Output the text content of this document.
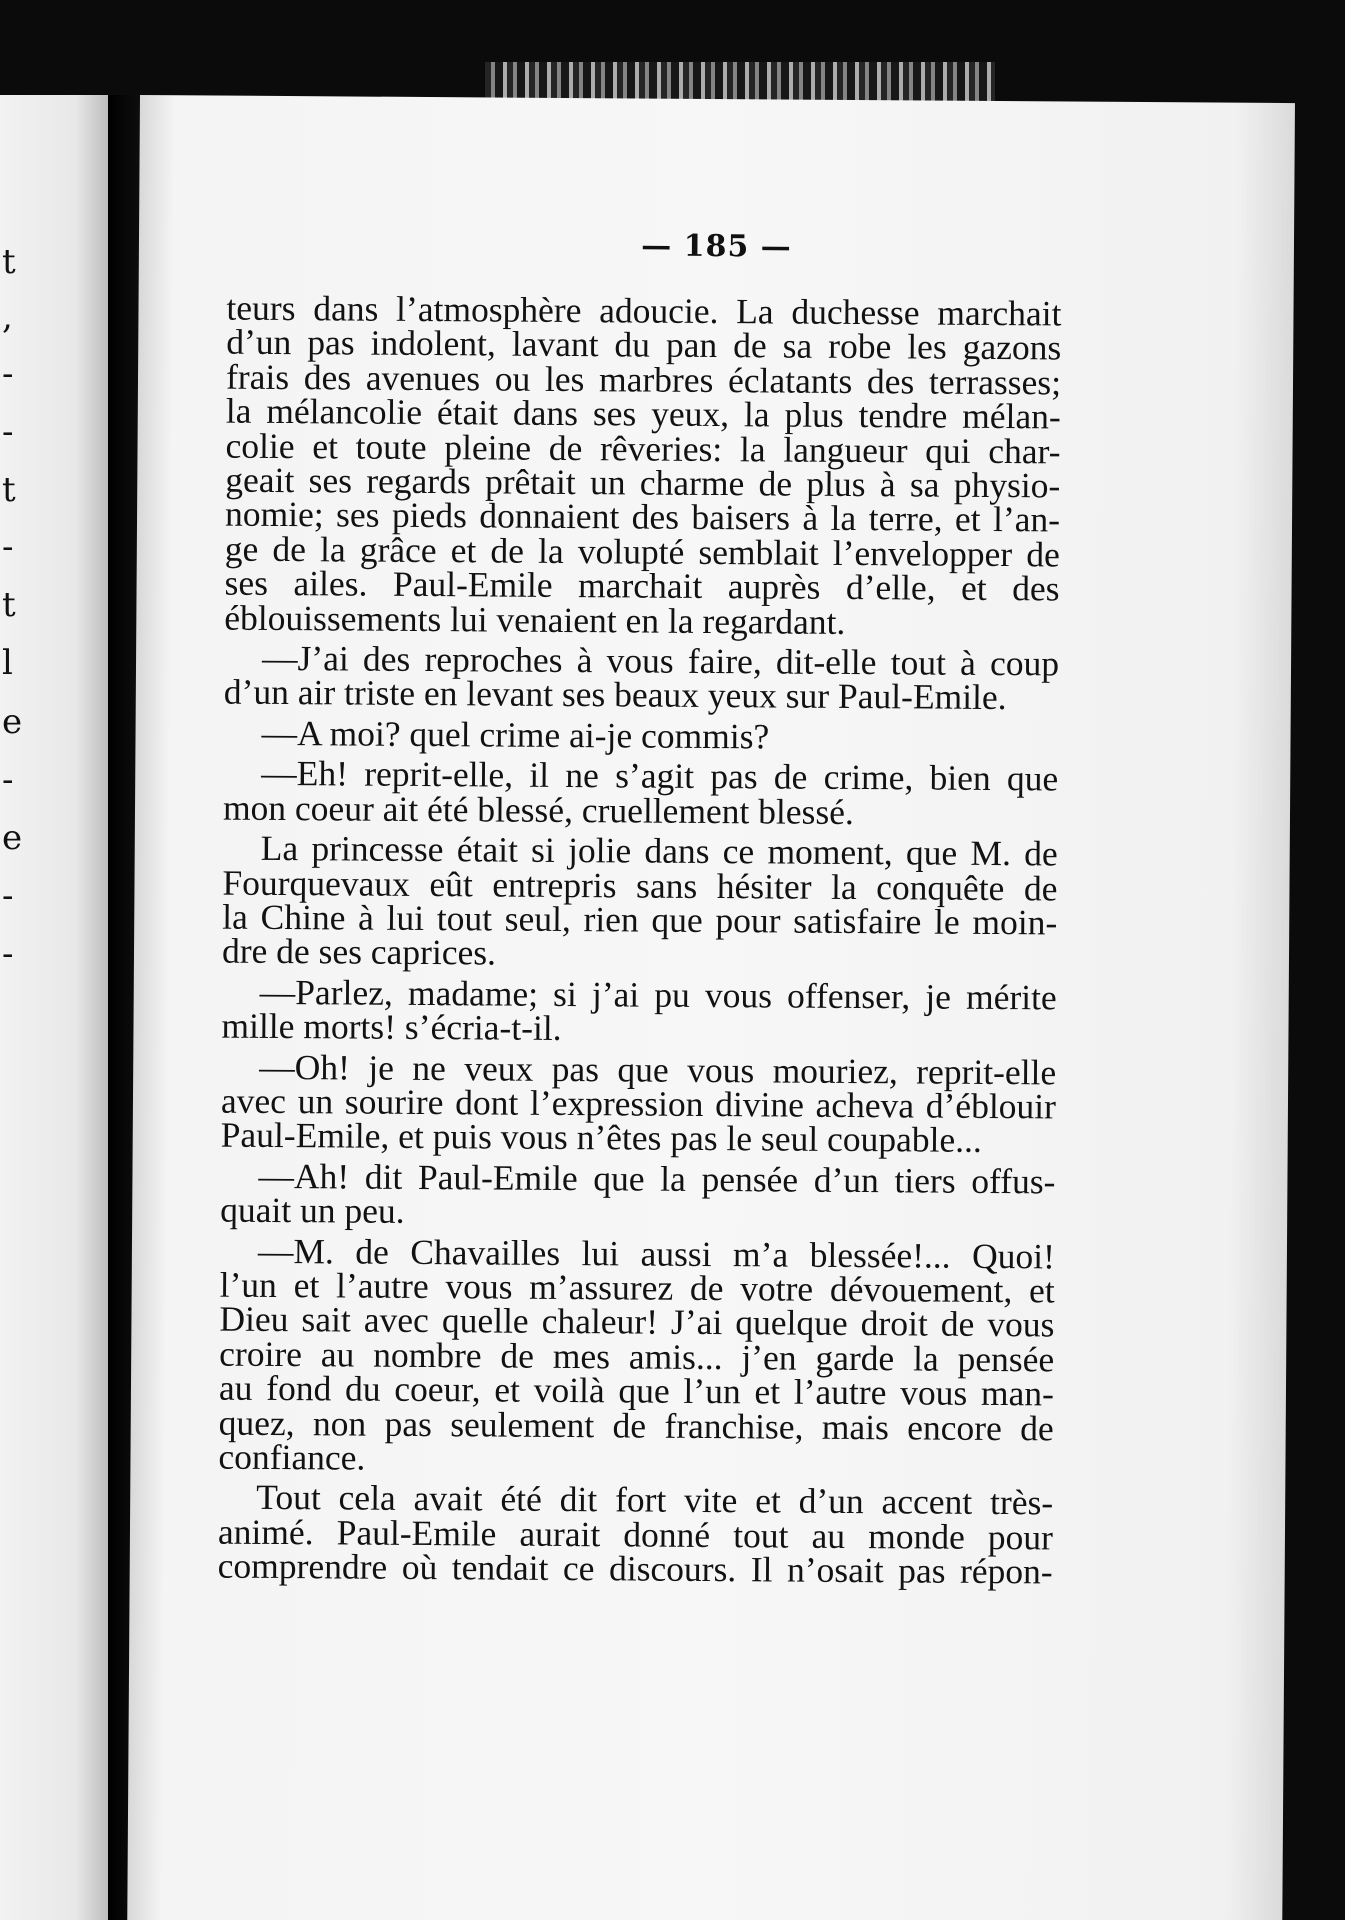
t
,
-
-
t
-
t
l
e
-
e
-
-
— 185 —
teurs dans l’atmosphère adoucie. La duchesse marchait
d’un pas indolent, lavant du pan de sa robe les gazons
frais des avenues ou les marbres éclatants des terrasses;
la mélancolie était dans ses yeux, la plus tendre mélan-
colie et toute pleine de rêveries: la langueur qui char-
geait ses regards prêtait un charme de plus à sa physio-
nomie; ses pieds donnaient des baisers à la terre, et l’an-
ge de la grâce et de la volupté semblait l’envelopper de
ses ailes. Paul-Emile marchait auprès d’elle, et des
éblouissements lui venaient en la regardant.
—J’ai des reproches à vous faire, dit-elle tout à coup
d’un air triste en levant ses beaux yeux sur Paul-Emile.
—A moi? quel crime ai-je commis?
—Eh! reprit-elle, il ne s’agit pas de crime, bien que
mon coeur ait été blessé, cruellement blessé.
La princesse était si jolie dans ce moment, que M. de
Fourquevaux eût entrepris sans hésiter la conquête de
la Chine à lui tout seul, rien que pour satisfaire le moin-
dre de ses caprices.
—Parlez, madame; si j’ai pu vous offenser, je mérite
mille morts! s’écria-t-il.
—Oh! je ne veux pas que vous mouriez, reprit-elle
avec un sourire dont l’expression divine acheva d’éblouir
Paul-Emile, et puis vous n’êtes pas le seul coupable...
—Ah! dit Paul-Emile que la pensée d’un tiers offus-
quait un peu.
—M. de Chavailles lui aussi m’a blessée!... Quoi!
l’un et l’autre vous m’assurez de votre dévouement, et
Dieu sait avec quelle chaleur! J’ai quelque droit de vous
croire au nombre de mes amis... j’en garde la pensée
au fond du coeur, et voilà que l’un et l’autre vous man-
quez, non pas seulement de franchise, mais encore de
confiance.
Tout cela avait été dit fort vite et d’un accent très-
animé. Paul-Emile aurait donné tout au monde pour
comprendre où tendait ce discours. Il n’osait pas répon-
